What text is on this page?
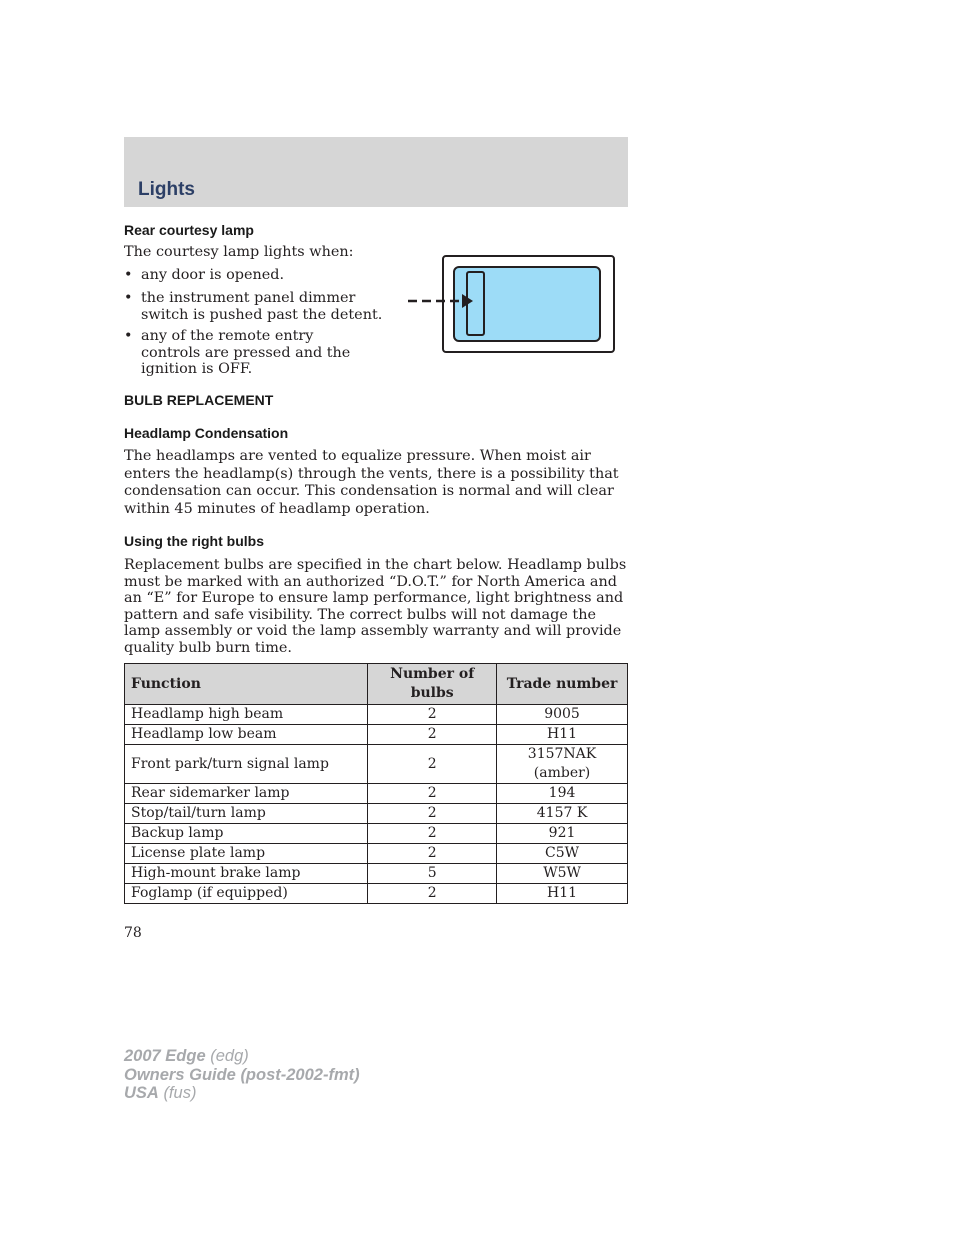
Lights
Rear courtesy lamp
The courtesy lamp lights when:
• any door is opened.
• the instrument panel dimmer switch is pushed past the detent.
• any of the remote entry controls are pressed and the ignition is OFF.
BULB REPLACEMENT
Headlamp Condensation
The headlamps are vented to equalize pressure. When moist air enters the headlamp(s) through the vents, there is a possibility that condensation can occur. This condensation is normal and will clear within 45 minutes of headlamp operation.
Using the right bulbs
Replacement bulbs are specified in the chart below. Headlamp bulbs must be marked with an authorized “D.O.T.” for North America and an “E” for Europe to ensure lamp performance, light brightness and pattern and safe visibility. The correct bulbs will not damage the lamp assembly or void the lamp assembly warranty and will provide quality bulb burn time.
Function	Number of bulbs	Trade number
Headlamp high beam	2	9005
Headlamp low beam	2	H11
Front park/turn signal lamp	2	3157NAK (amber)
Rear sidemarker lamp	2	194
Stop/tail/turn lamp	2	4157 K
Backup lamp	2	921
License plate lamp	2	C5W
High-mount brake lamp	5	W5W
Foglamp (if equipped)	2	H11
78
2007 Edge (edg)
Owners Guide (post-2002-fmt)
USA (fus)
